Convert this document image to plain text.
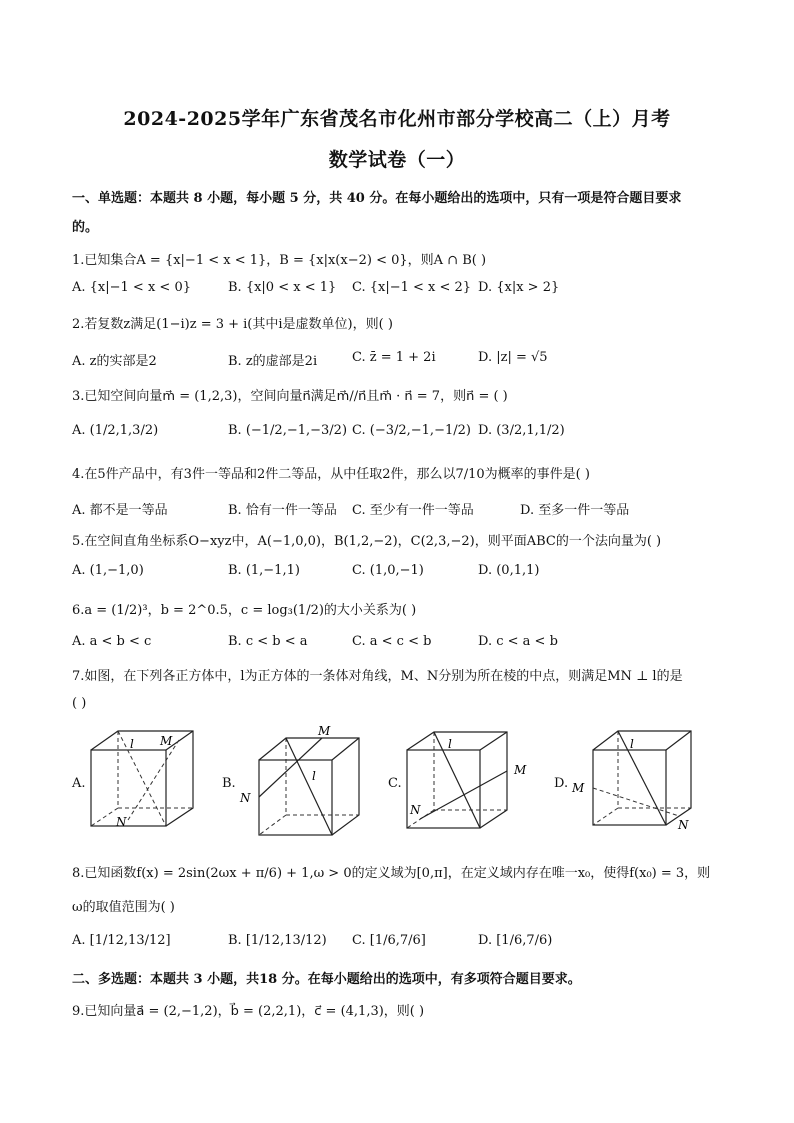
2024-2025学年广东省茂名市化州市部分学校高二（上）月考
数学试卷（一）
一、单选题：本题共 8 小题，每小题 5 分，共 40 分。在每小题给出的选项中，只有一项是符合题目要求
的。
1.已知集合A = {x|−1 < x < 1}，B = {x|x(x−2) < 0}，则A ∩ B( )
A. {x|−1 < x < 0}	B. {x|0 < x < 1} C. {x|−1 < x < 2} D. {x|x > 2}
2.若复数z满足(1−i)z = 3 + i(其中i是虚数单位)，则( )
A. z的实部是2	B. z的虚部是2i	C. z̄ = 1 + 2i	D. |z| = √5
3.已知空间向量m⃗ = (1,2,3)，空间向量n⃗满足m⃗//n⃗且m⃗ · n⃗ = 7，则n⃗ = ( )
A. (1/2,1,3/2)	B. (−1/2,−1,−3/2) C. (−3/2,−1,−1/2) D. (3/2,1,1/2)
4.在5件产品中，有3件一等品和2件二等品，从中任取2件，那么以7/10为概率的事件是( )
A. 都不是一等品	B. 恰有一件一等品 C. 至少有一件一等品	D. 至多一件一等品
5.在空间直角坐标系O−xyz中，A(−1,0,0)，B(1,2,−2)，C(2,3,−2)，则平面ABC的一个法向量为( )
A. (1,−1,0)	B. (1,−1,1)	C. (1,0,−1)	D. (0,1,1)
6.a = (1/2)³，b = 2^0.5，c = log₃(1/2)的大小关系为( )
A. a < b < c	B. c < b < a	C. a < c < b	D. c < a < b
7.如图，在下列各正方体中，l为正方体的一条体对角线，M、N分别为所在棱的中点，则满足MN ⊥ l的是
( )
A.
l M
N
B.
M
l
N
C.
l
M
N
D.
l
M
N
8.已知函数f(x) = 2sin(2ωx + π/6) + 1,ω > 0的定义域为[0,π]，在定义域内存在唯一x₀，使得f(x₀) = 3，则
ω的取值范围为( )
A. [1/12,13/12]	B. [1/12,13/12) C. [1/6,7/6]	D. [1/6,7/6)
二、多选题：本题共 3 小题，共18 分。在每小题给出的选项中，有多项符合题目要求。
9.已知向量a⃗ = (2,−1,2)，b⃗ = (2,2,1)，c⃗ = (4,1,3)，则( )
